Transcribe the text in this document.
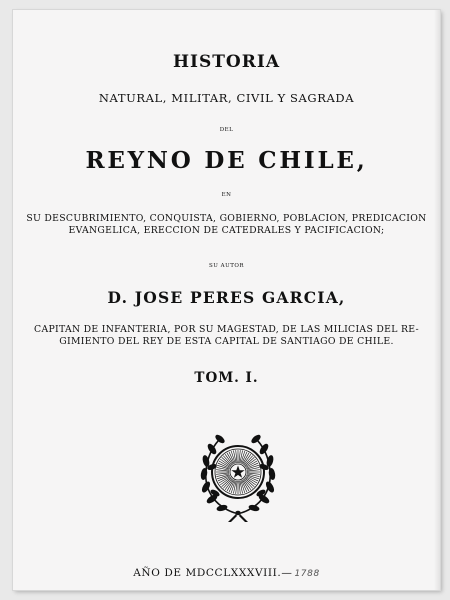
HISTORIA
NATURAL, MILITAR, CIVIL Y SAGRADA
DEL
REYNO DE CHILE,
EN
SU DESCUBRIMIENTO, CONQUISTA, GOBIERNO, POBLACION, PREDICACION
EVANGELICA, ERECCION DE CATEDRALES Y PACIFICACION;
SU AUTOR
D. JOSE PERES GARCIA,
CAPITAN DE INFANTERIA, POR SU MAGESTAD, DE LAS MILICIAS DEL RE-
GIMIENTO DEL REY DE ESTA CAPITAL DE SANTIAGO DE CHILE.
TOM. I.
AÑO DE MDCCLXXXVIII.— 1788
